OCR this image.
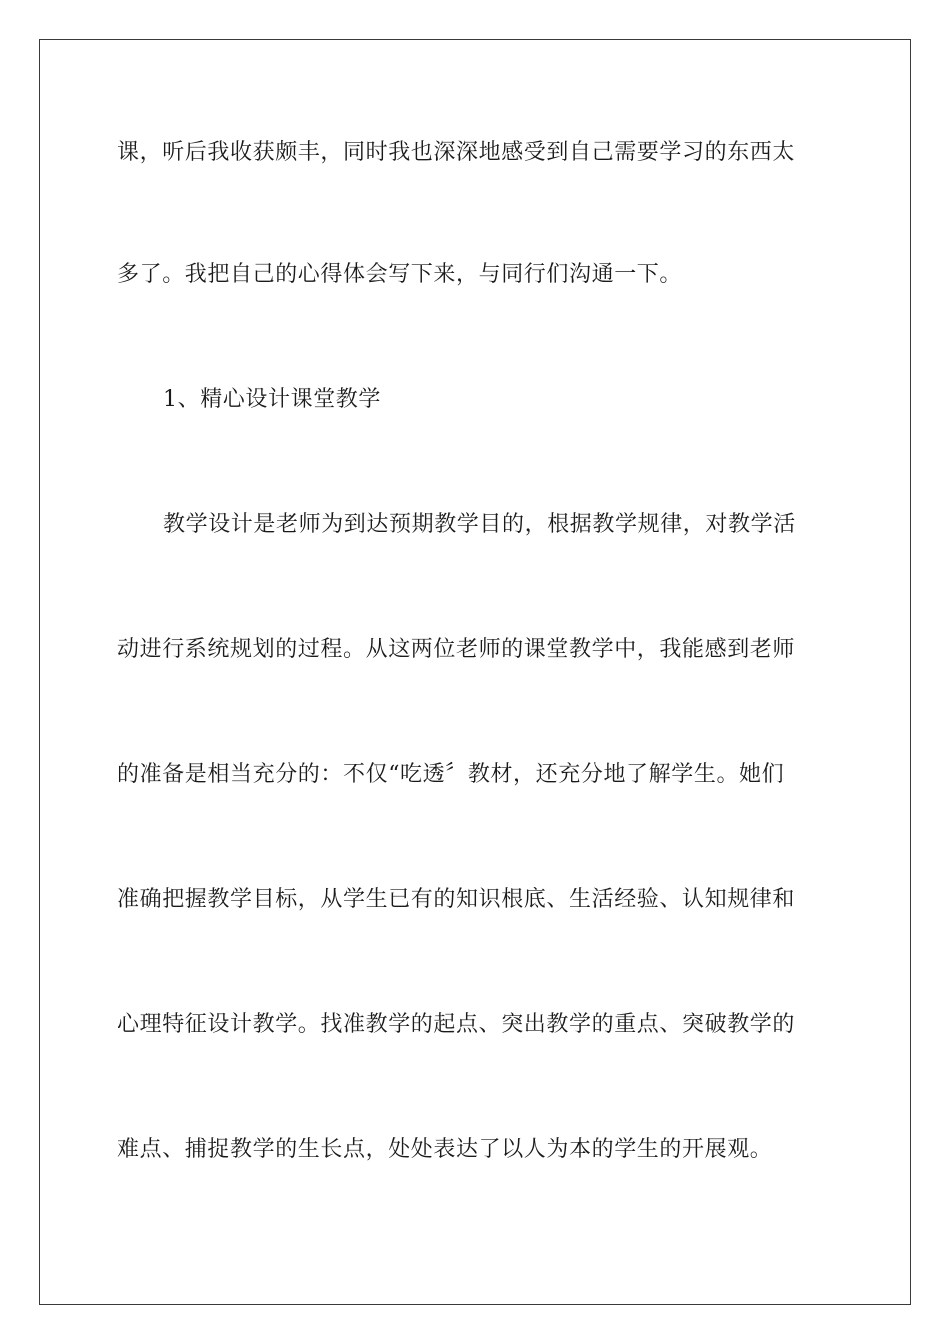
课，听后我收获颇丰，同时我也深深地感受到自己需要学习的东西太
多了。我把自己的心得体会写下来，与同行们沟通一下。
1、精心设计课堂教学
教学设计是老师为到达预期教学目的，根据教学规律，对教学活
动进行系统规划的过程。从这两位老师的课堂教学中，我能感到老师
的准备是相当充分的：不仅“吃透〞教材，还充分地了解学生。她们
准确把握教学目标，从学生已有的知识根底、生活经验、认知规律和
心理特征设计教学。找准教学的起点、突出教学的重点、突破教学的
难点、捕捉教学的生长点，处处表达了以人为本的学生的开展观。
